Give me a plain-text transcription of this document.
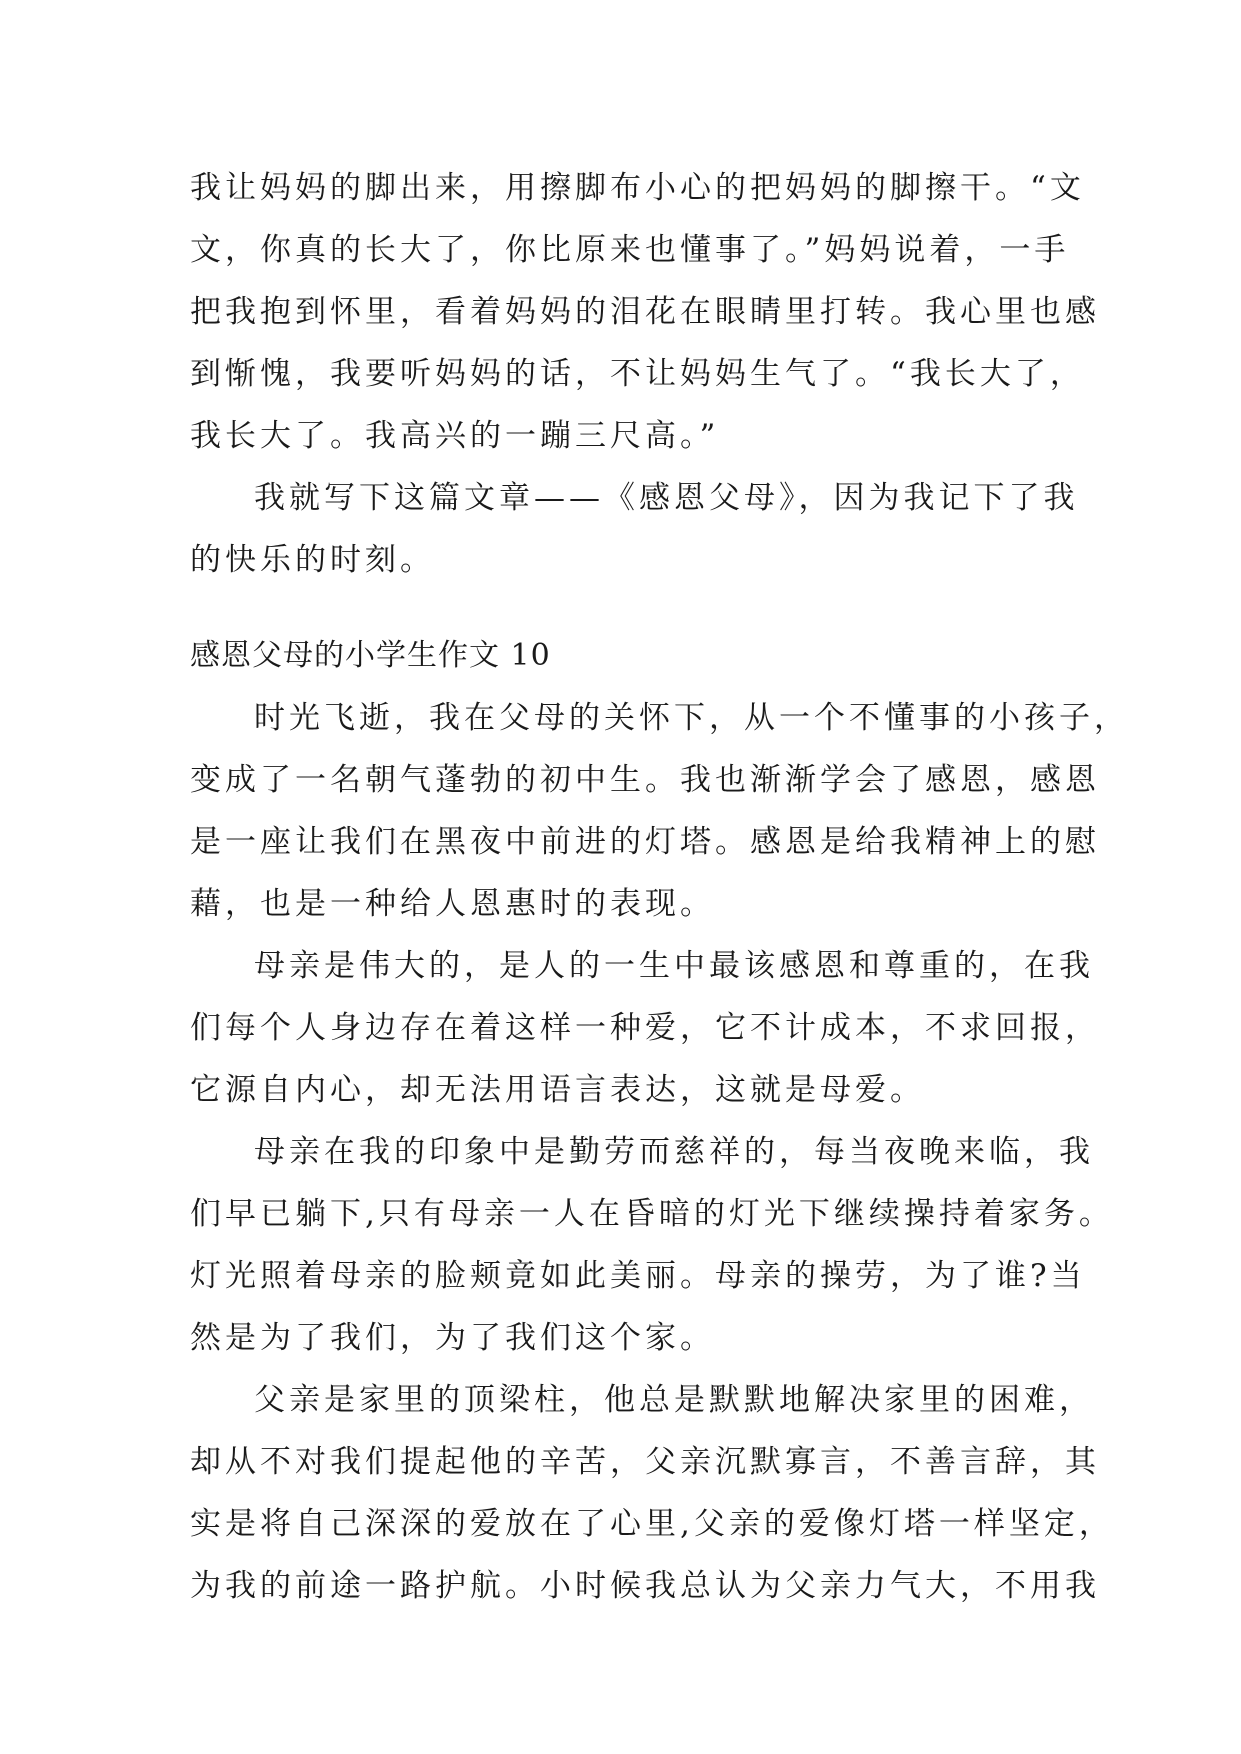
我让妈妈的脚出来，用擦脚布小心的把妈妈的脚擦干。“文
文，你真的长大了，你比原来也懂事了。”妈妈说着，一手
把我抱到怀里，看着妈妈的泪花在眼睛里打转。我心里也感
到惭愧，我要听妈妈的话，不让妈妈生气了。“我长大了，
我长大了。我高兴的一蹦三尺高。”
我就写下这篇文章——《感恩父母》，因为我记下了我
的快乐的时刻。
感恩父母的小学生作文 10
时光飞逝，我在父母的关怀下，从一个不懂事的小孩子，
变成了一名朝气蓬勃的初中生。我也渐渐学会了感恩，感恩
是一座让我们在黑夜中前进的灯塔。感恩是给我精神上的慰
藉，也是一种给人恩惠时的表现。
母亲是伟大的，是人的一生中最该感恩和尊重的，在我
们每个人身边存在着这样一种爱，它不计成本，不求回报，
它源自内心，却无法用语言表达，这就是母爱。
母亲在我的印象中是勤劳而慈祥的，每当夜晚来临，我
们早已躺下,只有母亲一人在昏暗的灯光下继续操持着家务。
灯光照着母亲的脸颊竟如此美丽。母亲的操劳，为了谁?当
然是为了我们，为了我们这个家。
父亲是家里的顶梁柱，他总是默默地解决家里的困难，
却从不对我们提起他的辛苦，父亲沉默寡言，不善言辞，其
实是将自己深深的爱放在了心里,父亲的爱像灯塔一样坚定，
为我的前途一路护航。小时候我总认为父亲力气大，不用我
